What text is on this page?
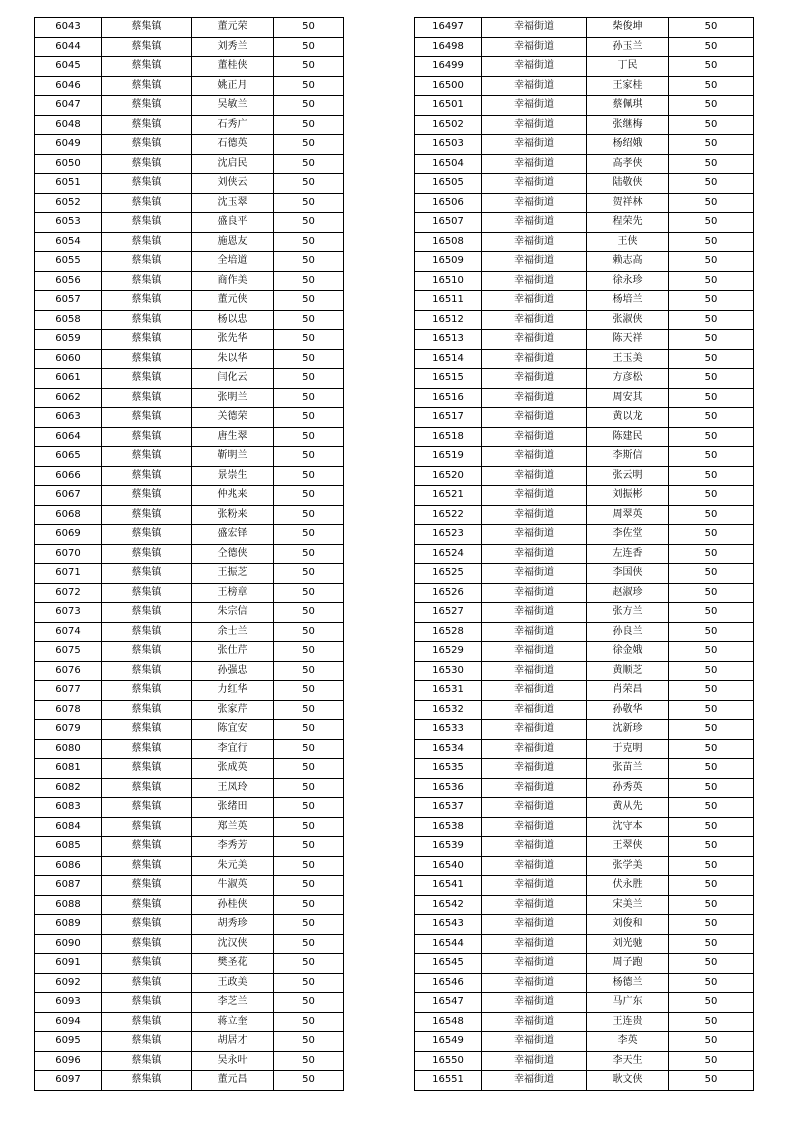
6043	蔡集镇	董元荣	50
6044	蔡集镇	刘秀兰	50
6045	蔡集镇	董桂侠	50
6046	蔡集镇	姚正月	50
6047	蔡集镇	吴敏兰	50
6048	蔡集镇	石秀广	50
6049	蔡集镇	石德英	50
6050	蔡集镇	沈启民	50
6051	蔡集镇	刘侠云	50
6052	蔡集镇	沈玉翠	50
6053	蔡集镇	盛良平	50
6054	蔡集镇	施恩友	50
6055	蔡集镇	全培道	50
6056	蔡集镇	商作美	50
6057	蔡集镇	董元侠	50
6058	蔡集镇	杨以忠	50
6059	蔡集镇	张先华	50
6060	蔡集镇	朱以华	50
6061	蔡集镇	闫化云	50
6062	蔡集镇	张明兰	50
6063	蔡集镇	关德荣	50
6064	蔡集镇	唐生翠	50
6065	蔡集镇	靳明兰	50
6066	蔡集镇	景崇生	50
6067	蔡集镇	仲兆来	50
6068	蔡集镇	张粉来	50
6069	蔡集镇	盛宏铎	50
6070	蔡集镇	仝德侠	50
6071	蔡集镇	王振芝	50
6072	蔡集镇	王榜章	50
6073	蔡集镇	朱宗信	50
6074	蔡集镇	余士兰	50
6075	蔡集镇	张仕芹	50
6076	蔡集镇	孙强忠	50
6077	蔡集镇	力红华	50
6078	蔡集镇	张家芹	50
6079	蔡集镇	陈宜安	50
6080	蔡集镇	李宜行	50
6081	蔡集镇	张成英	50
6082	蔡集镇	王凤玲	50
6083	蔡集镇	张绪田	50
6084	蔡集镇	郑兰英	50
6085	蔡集镇	李秀芳	50
6086	蔡集镇	朱元美	50
6087	蔡集镇	牛淑英	50
6088	蔡集镇	孙桂侠	50
6089	蔡集镇	胡秀珍	50
6090	蔡集镇	沈汉侠	50
6091	蔡集镇	樊圣花	50
6092	蔡集镇	王政美	50
6093	蔡集镇	李芝兰	50
6094	蔡集镇	蒋立奎	50
6095	蔡集镇	胡居才	50
6096	蔡集镇	吴永叶	50
6097	蔡集镇	董元昌	50
16497	幸福街道	柴俊坤	50
16498	幸福街道	孙玉兰	50
16499	幸福街道	丁民	50
16500	幸福街道	王家桂	50
16501	幸福街道	蔡佩琪	50
16502	幸福街道	张继梅	50
16503	幸福街道	杨绍娥	50
16504	幸福街道	高孝侠	50
16505	幸福街道	陆敬侠	50
16506	幸福街道	贺祥林	50
16507	幸福街道	程荣先	50
16508	幸福街道	王侠	50
16509	幸福街道	赖志高	50
16510	幸福街道	徐永珍	50
16511	幸福街道	杨培兰	50
16512	幸福街道	张淑侠	50
16513	幸福街道	陈天祥	50
16514	幸福街道	王玉美	50
16515	幸福街道	方彦松	50
16516	幸福街道	周安其	50
16517	幸福街道	黄以龙	50
16518	幸福街道	陈建民	50
16519	幸福街道	李斯信	50
16520	幸福街道	张云明	50
16521	幸福街道	刘振彬	50
16522	幸福街道	周翠英	50
16523	幸福街道	李佐堂	50
16524	幸福街道	左连香	50
16525	幸福街道	李国侠	50
16526	幸福街道	赵淑珍	50
16527	幸福街道	张方兰	50
16528	幸福街道	孙良兰	50
16529	幸福街道	徐金娥	50
16530	幸福街道	黄顺芝	50
16531	幸福街道	肖荣昌	50
16532	幸福街道	孙敬华	50
16533	幸福街道	沈新珍	50
16534	幸福街道	于克明	50
16535	幸福街道	张苗兰	50
16536	幸福街道	孙秀英	50
16537	幸福街道	黄从先	50
16538	幸福街道	沈守本	50
16539	幸福街道	王翠侠	50
16540	幸福街道	张学美	50
16541	幸福街道	伏永胜	50
16542	幸福街道	宋美兰	50
16543	幸福街道	刘俊和	50
16544	幸福街道	刘光驰	50
16545	幸福街道	周子跑	50
16546	幸福街道	杨德兰	50
16547	幸福街道	马广东	50
16548	幸福街道	王连贵	50
16549	幸福街道	李英	50
16550	幸福街道	李天生	50
16551	幸福街道	耿文侠	50
